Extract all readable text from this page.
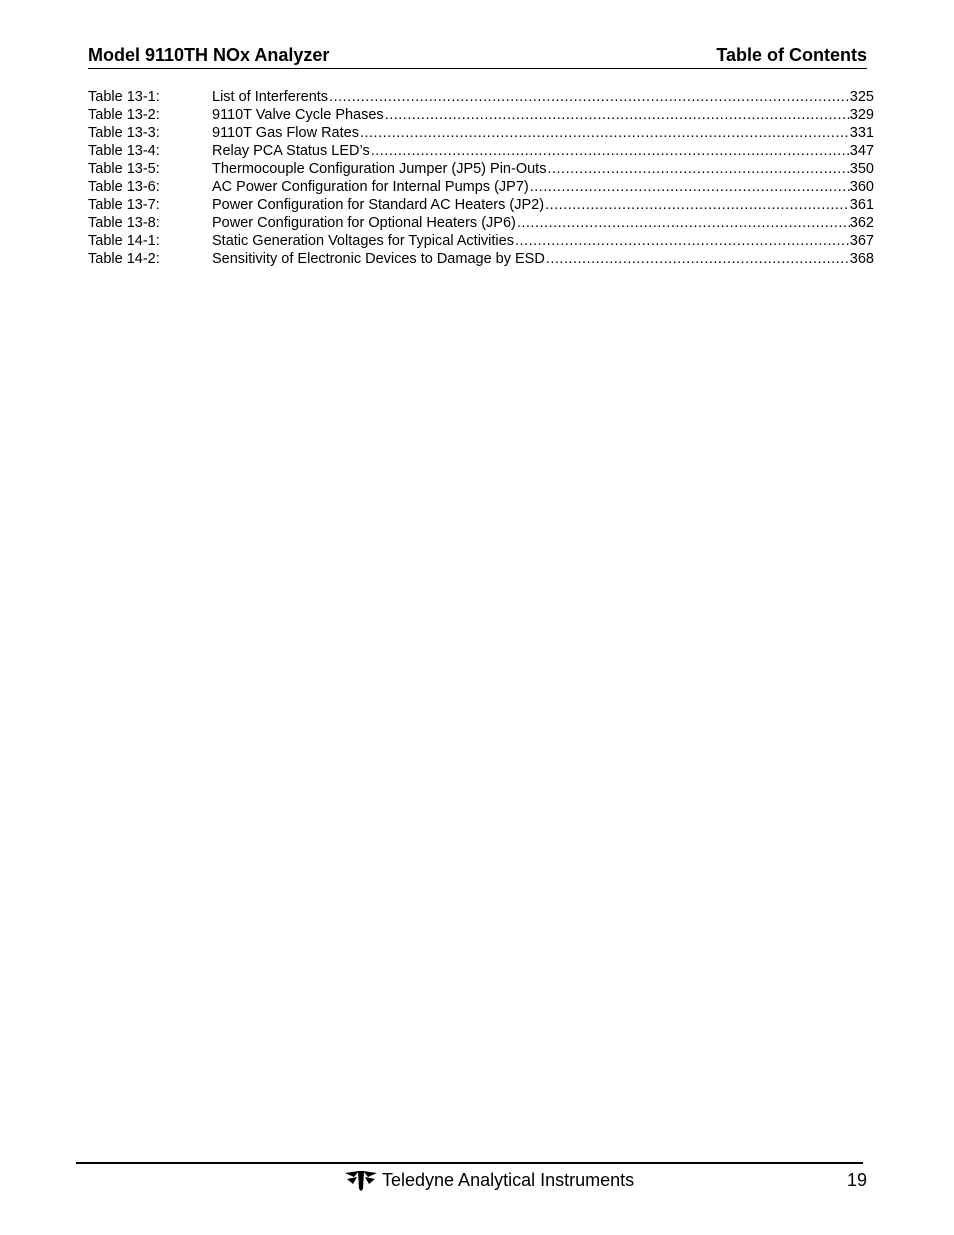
Model 9110TH NOx Analyzer	Table of Contents
Table 13-1:	List of Interferents .....	325
Table 13-2:	9110T Valve Cycle Phases .....	329
Table 13-3:	9110T Gas Flow Rates .....	331
Table 13-4:	Relay PCA Status LED’s .....	347
Table 13-5:	Thermocouple Configuration Jumper (JP5) Pin-Outs .....	350
Table 13-6:	AC Power Configuration for Internal Pumps (JP7) .....	360
Table 13-7:	Power Configuration for Standard AC Heaters (JP2) .....	361
Table 13-8:	Power Configuration for Optional Heaters (JP6) .....	362
Table 14-1:	Static Generation Voltages for Typical Activities .....	367
Table 14-2:	Sensitivity of Electronic Devices to Damage by ESD .....	368
Teledyne Analytical Instruments	19
